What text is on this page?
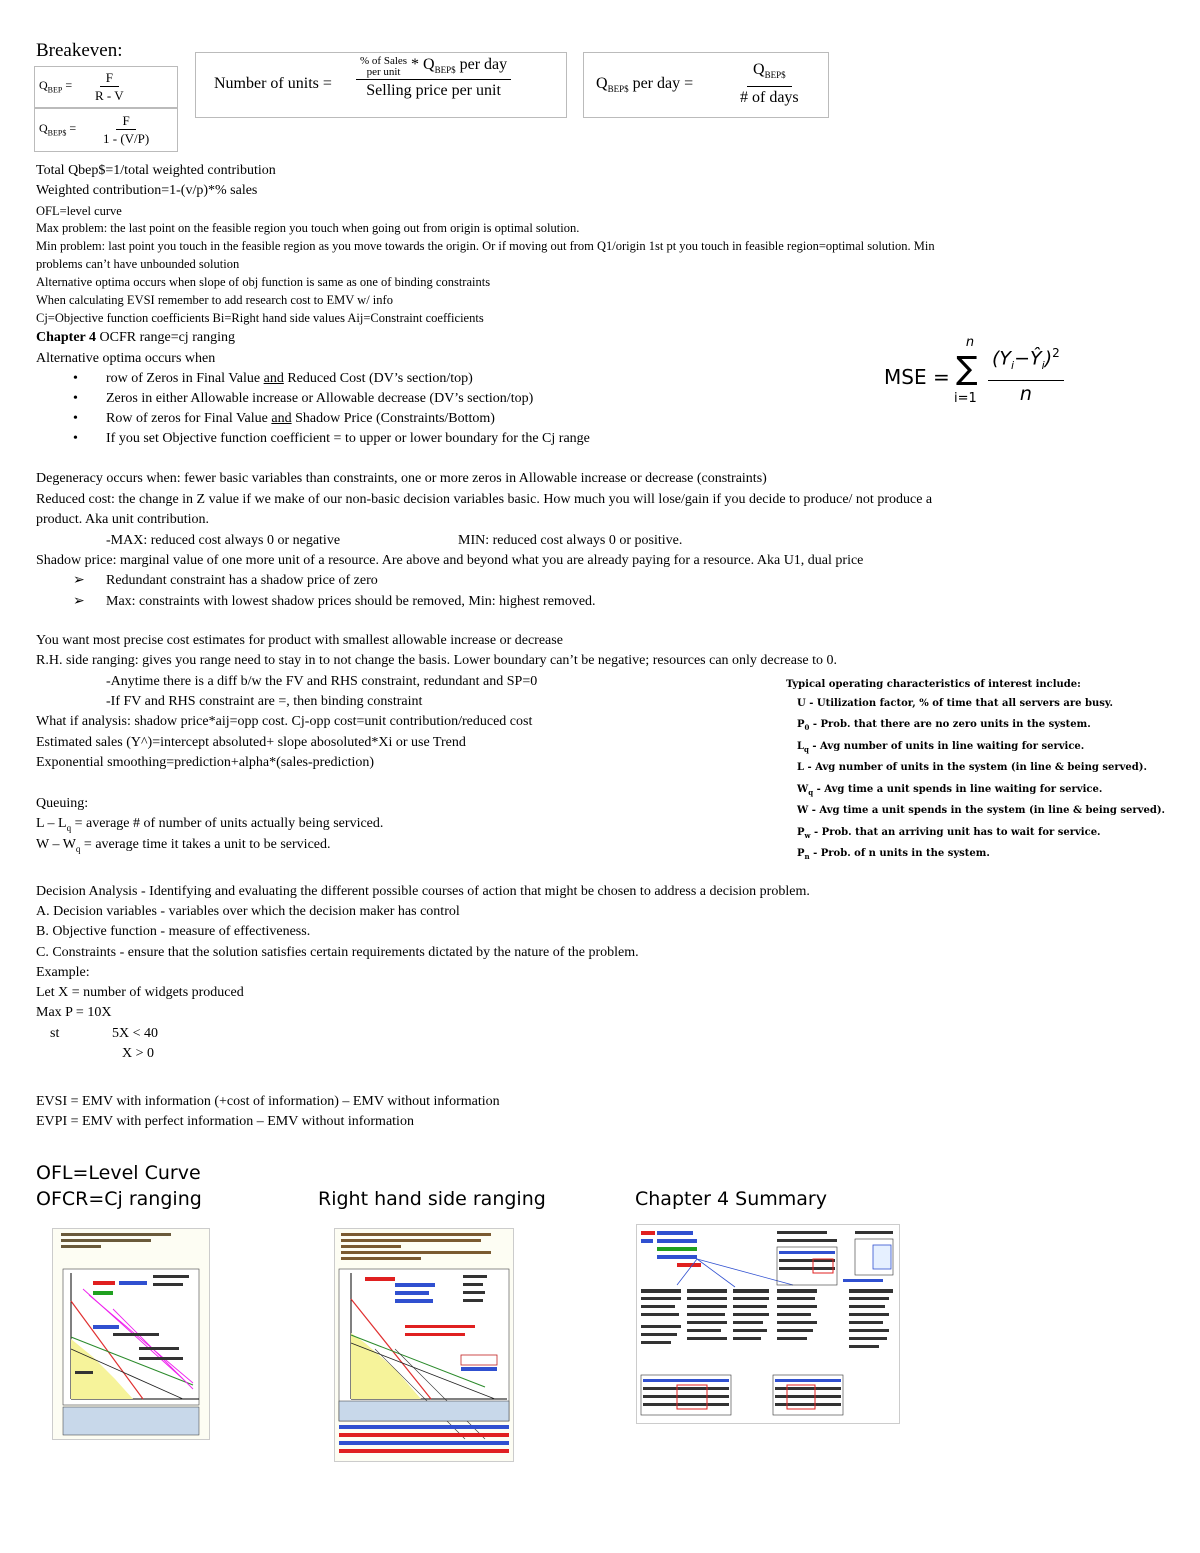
Breakeven:
$Q_{BEP} = \frac{F}{R - V}$
$Q_{BEP\$} = \frac{F}{1 - (V/P)}$
Number of units =
% of Sales
per unit * $Q_{BEP\$}$ per day
Selling price per unit	$Q_{BEP\$}$ per day =
$Q_{BEP\$}$
# of days
Total Qbep$=1/total weighted contribution
Weighted contribution=1-(v/p)*% sales
OFL=level curve
Max problem: the last point on the feasible region you touch when going out from origin is optimal solution.
Min problem: last point you touch in the feasible region as you move towards the origin. Or if moving out from Q1/origin 1st pt you touch in feasible region=optimal solution. Min
problems can’t have unbounded solution
Alternative optima occurs when slope of obj function is same as one of binding constraints
When calculating EVSI remember to add research cost to EMV w/ info
Cj=Objective function coefficients Bi=Right hand side values Aij=Constraint coefficients
Chapter 4 OCFR range=cj ranging
Alternative optima occurs when
• row of Zeros in Final Value and Reduced Cost (DV’s section/top)
• Zeros in either Allowable increase or Allowable decrease (DV’s section/top)
• Row of zeros for Final Value and Shadow Price (Constraints/Bottom)
• If you set Objective function coefficient = to upper or lower boundary for the Cj range
MSE =
n
∑
i=1
$(Y_i-Ŷ_i)^2$
n
Degeneracy occurs when: fewer basic variables than constraints, one or more zeros in Allowable increase or decrease (constraints)
Reduced cost: the change in Z value if we make of our non-basic decision variables basic. How much you will lose/gain if you decide to produce/ not produce a
product. Aka unit contribution.
-MAX: reduced cost always 0 or negative	MIN: reduced cost always 0 or positive.
Shadow price: marginal value of one more unit of a resource. Are above and beyond what you are already paying for a resource. Aka U1, dual price
➢ Redundant constraint has a shadow price of zero
➢ Max: constraints with lowest shadow prices should be removed, Min: highest removed.
You want most precise cost estimates for product with smallest allowable increase or decrease
R.H. side ranging: gives you range need to stay in to not change the basis. Lower boundary can’t be negative; resources can only decrease to 0.
-Anytime there is a diff b/w the FV and RHS constraint, redundant and SP=0
-If FV and RHS constraint are =, then binding constraint
What if analysis: shadow price*aij=opp cost. Cj-opp cost=unit contribution/reduced cost
Estimated sales (Y^)=intercept absoluted+ slope abosoluted*Xi or use Trend
Exponential smoothing=prediction+alpha*(sales-prediction)
Queuing:
L – $L_q$ = average # of number of units actually being serviced.
W – $W_q$ = average time it takes a unit to be serviced.
Typical operating characteristics of interest include:
U - Utilization factor, % of time that all servers are busy.
$P_0$ - Prob. that there are no zero units in the system.
$L_q$ - Avg number of units in line waiting for service.
L - Avg number of units in the system (in line & being served).
$W_q$ - Avg time a unit spends in line waiting for service.
W - Avg time a unit spends in the system (in line & being served).
$P_w$ - Prob. that an arriving unit has to wait for service.
$P_n$ - Prob. of n units in the system.
Decision Analysis - Identifying and evaluating the different possible courses of action that might be chosen to address a decision problem.
A. Decision variables - variables over which the decision maker has control
B. Objective function - measure of effectiveness.
C. Constraints - ensure that the solution satisfies certain requirements dictated by the nature of the problem.
Example:
Let X = number of widgets produced
Max P = 10X
st	5X < 40
X > 0
EVSI = EMV with information (+cost of information) – EMV without information
EVPI = EMV with perfect information – EMV without information
OFL=Level Curve
OFCR=Cj ranging	Right hand side ranging	Chapter 4 Summary
